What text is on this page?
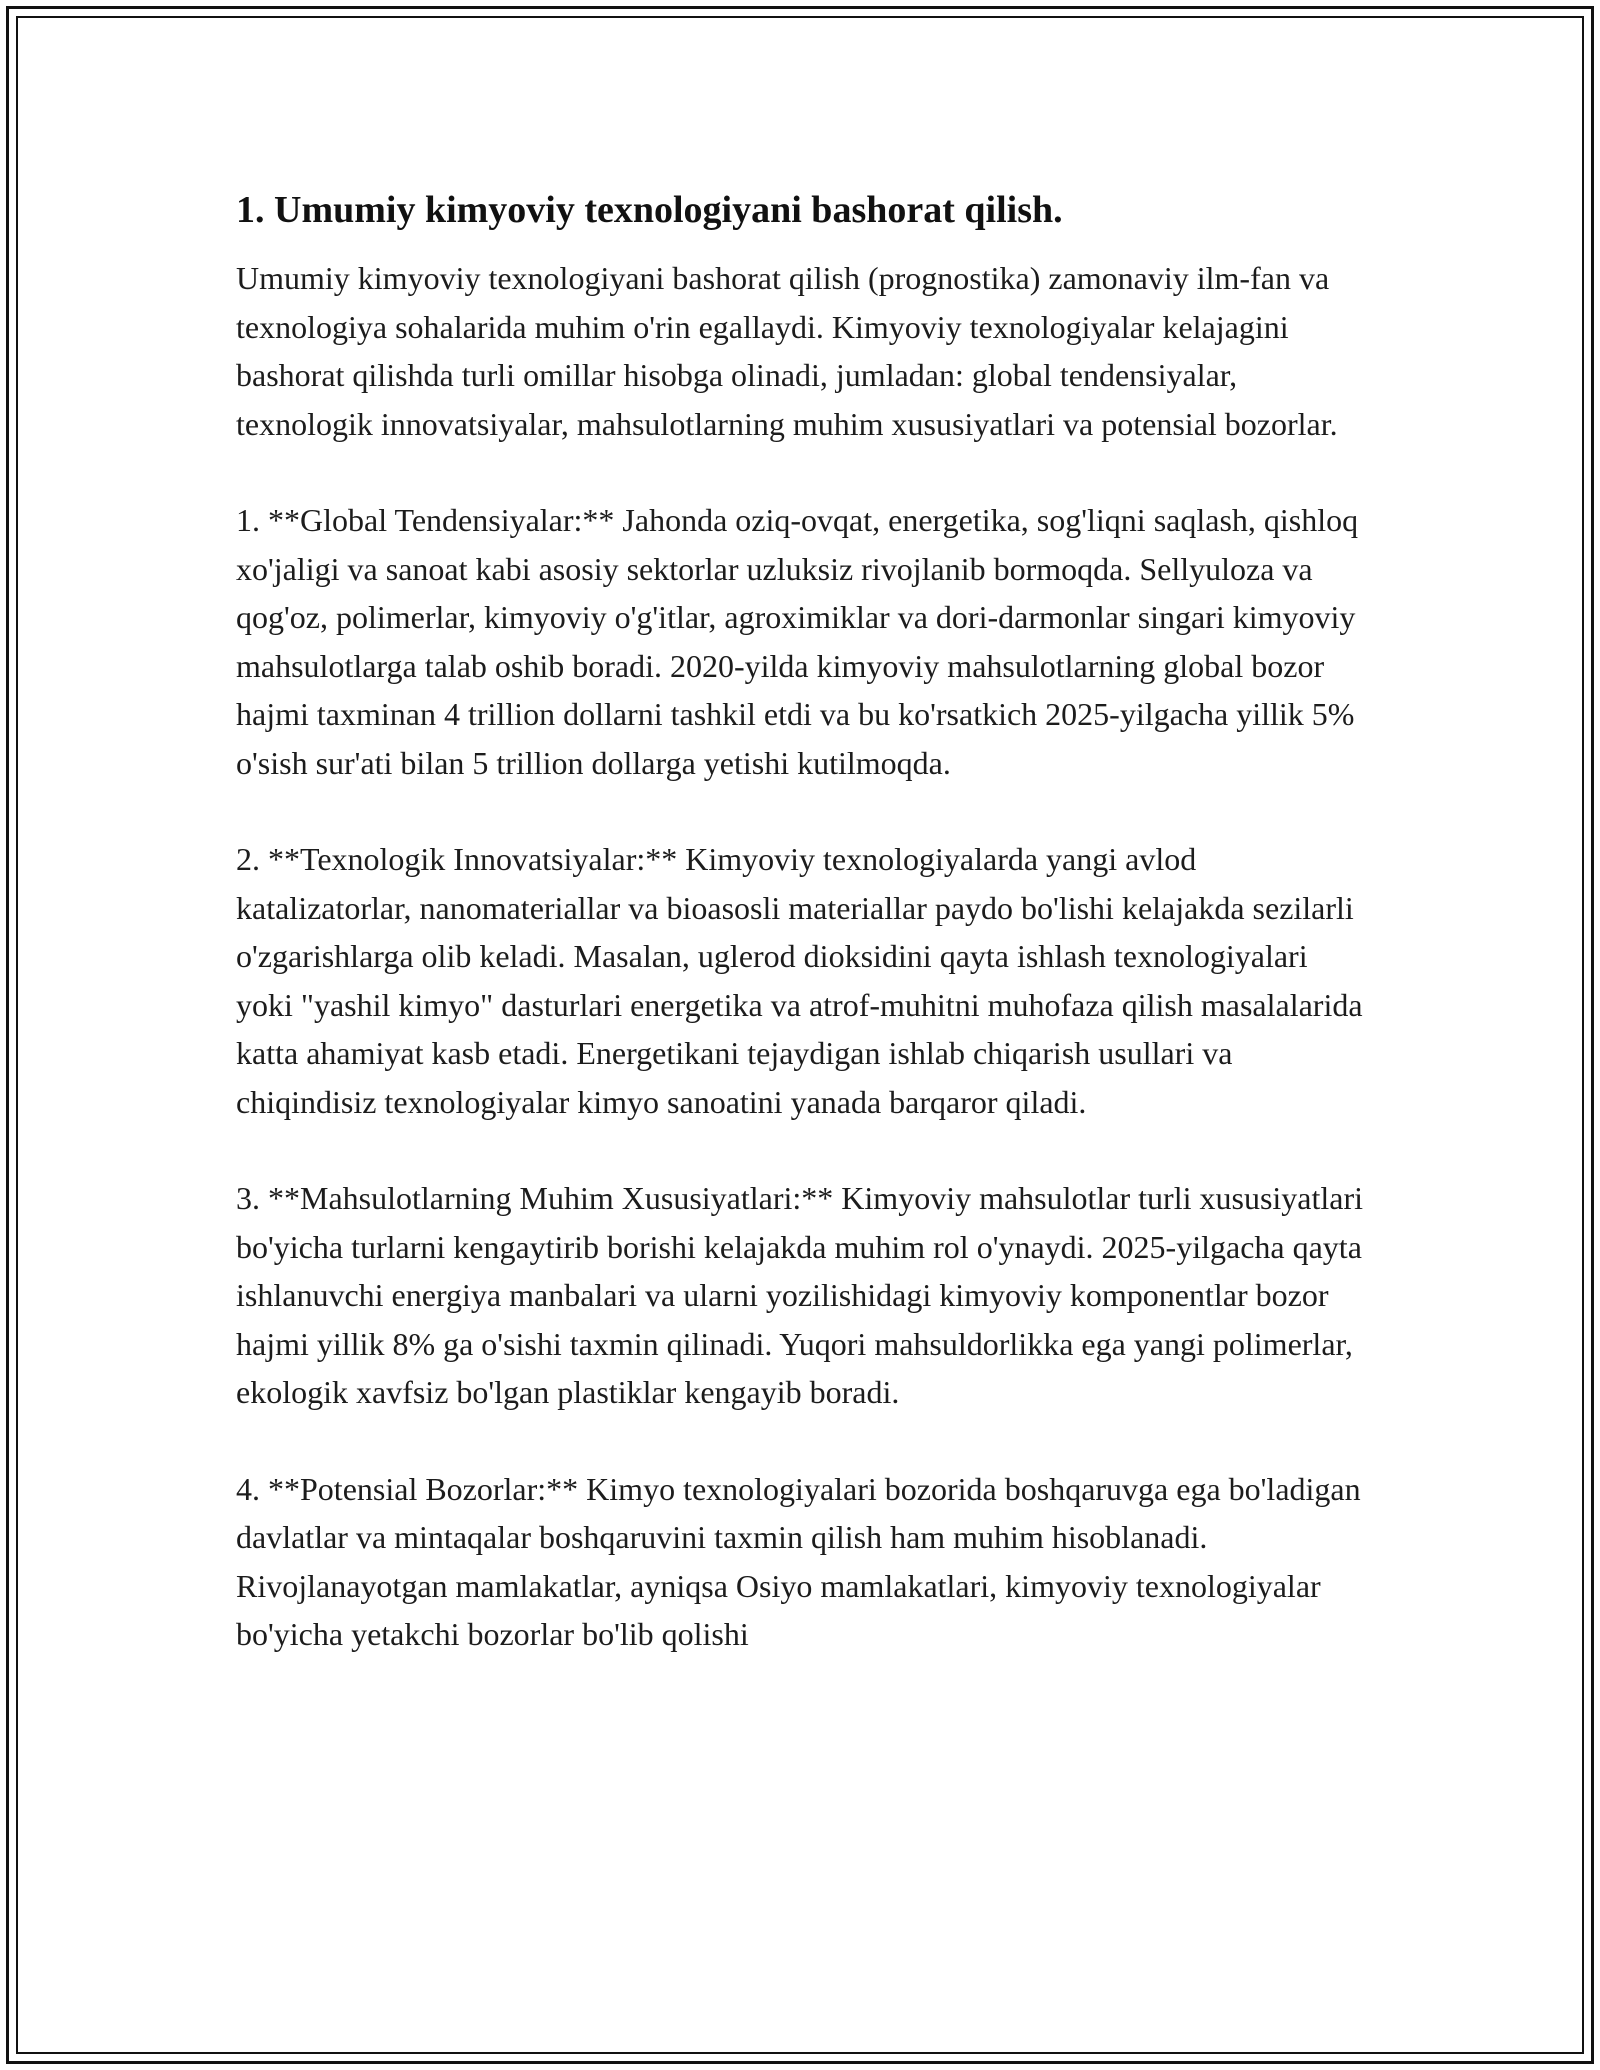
1. Umumiy kimyoviy texnologiyani bashorat qilish.

Umumiy kimyoviy texnologiyani bashorat qilish (prognostika) zamonaviy ilm-fan va texnologiya sohalarida muhim o'rin egallaydi. Kimyoviy texnologiyalar kelajagini bashorat qilishda turli omillar hisobga olinadi, jumladan: global tendensiyalar, texnologik innovatsiyalar, mahsulotlarning muhim xususiyatlari va potensial bozorlar.

1. **Global Tendensiyalar:** Jahonda oziq-ovqat, energetika, sog'liqni saqlash, qishloq xo'jaligi va sanoat kabi asosiy sektorlar uzluksiz rivojlanib bormoqda. Sellyuloza va qog'oz, polimerlar, kimyoviy o'g'itlar, agroximiklar va dori-darmonlar singari kimyoviy mahsulotlarga talab oshib boradi. 2020-yilda kimyoviy mahsulotlarning global bozor hajmi taxminan 4 trillion dollarni tashkil etdi va bu ko'rsatkich 2025-yilgacha yillik 5% o'sish sur'ati bilan 5 trillion dollarga yetishi kutilmoqda.

2. **Texnologik Innovatsiyalar:** Kimyoviy texnologiyalarda yangi avlod katalizatorlar, nanomateriallar va bioasosli materiallar paydo bo'lishi kelajakda sezilarli o'zgarishlarga olib keladi. Masalan, uglerod dioksidini qayta ishlash texnologiyalari yoki "yashil kimyo" dasturlari energetika va atrof-muhitni muhofaza qilish masalalarida katta ahamiyat kasb etadi. Energetikani tejaydigan ishlab chiqarish usullari va chiqindisiz texnologiyalar kimyo sanoatini yanada barqaror qiladi.

3. **Mahsulotlarning Muhim Xususiyatlari:** Kimyoviy mahsulotlar turli xususiyatlari bo'yicha turlarni kengaytirib borishi kelajakda muhim rol o'ynaydi. 2025-yilgacha qayta ishlanuvchi energiya manbalari va ularni yozilishidagi kimyoviy komponentlar bozor hajmi yillik 8% ga o'sishi taxmin qilinadi. Yuqori mahsuldorlikka ega yangi polimerlar, ekologik xavfsiz bo'lgan plastiklar kengayib boradi.

4. **Potensial Bozorlar:** Kimyo texnologiyalari bozorida boshqaruvga ega bo'ladigan davlatlar va mintaqalar boshqaruvini taxmin qilish ham muhim hisoblanadi. Rivojlanayotgan mamlakatlar, ayniqsa Osiyo mamlakatlari, kimyoviy texnologiyalar bo'yicha yetakchi bozorlar bo'lib qolishi
